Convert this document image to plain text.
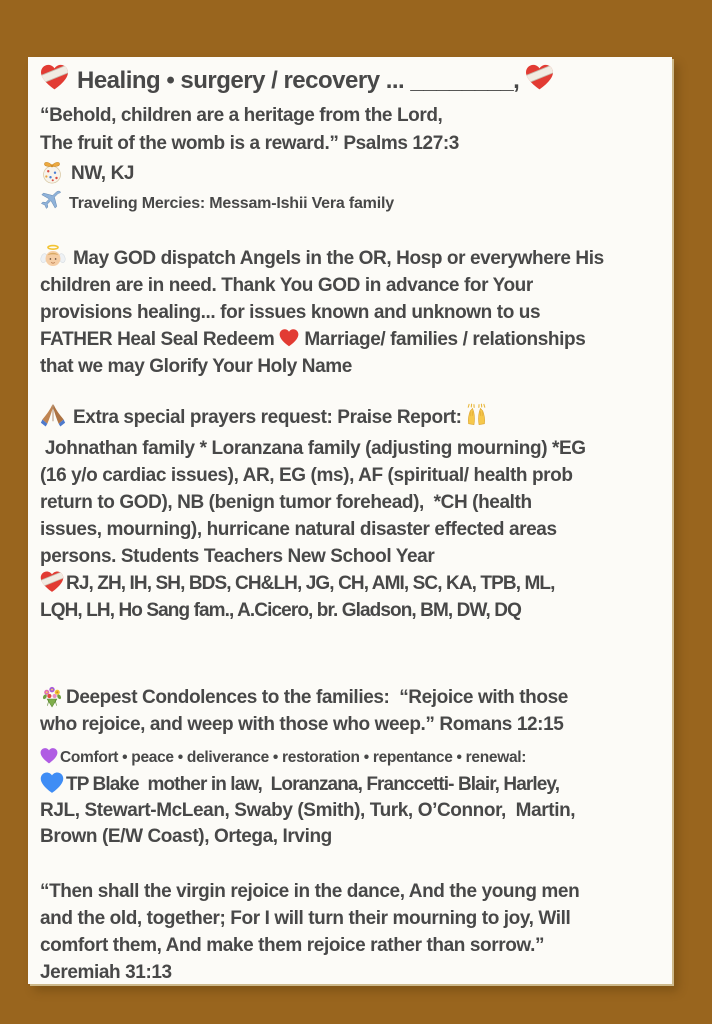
Healing • surgery / recovery ... ________,
“Behold, children are a heritage from the Lord,
The fruit of the womb is a reward.” Psalms 127:3
NW, KJ
Traveling Mercies: Messam-Ishii Vera family
May GOD dispatch Angels in the OR, Hosp or everywhere His
children are in need. Thank You GOD in advance for Your
provisions healing... for issues known and unknown to us
FATHER Heal Seal Redeem Marriage/ families / relationships
that we may Glorify Your Holy Name
Extra special prayers request: Praise Report:
Johnathan family * Loranzana family (adjusting mourning) *EG
(16 y/o cardiac issues), AR, EG (ms), AF (spiritual/ health prob
return to GOD), NB (benign tumor forehead),  *CH (health
issues, mourning), hurricane natural disaster effected areas
persons. Students Teachers New School Year
RJ, ZH, IH, SH, BDS, CH&LH, JG, CH, AMI, SC, KA, TPB, ML,
LQH, LH, Ho Sang fam., A.Cicero, br. Gladson, BM, DW, DQ
Deepest Condolences to the families:  “Rejoice with those
who rejoice, and weep with those who weep.” Romans 12:15
Comfort • peace • deliverance • restoration • repentance • renewal:
TP Blake  mother in law,  Loranzana, Franccetti- Blair, Harley,
RJL, Stewart-McLean, Swaby (Smith), Turk, O’Connor,  Martin,
Brown (E/W Coast), Ortega, Irving
“Then shall the virgin rejoice in the dance, And the young men
and the old, together; For I will turn their mourning to joy, Will
comfort them, And make them rejoice rather than sorrow.”
Jeremiah 31:13
